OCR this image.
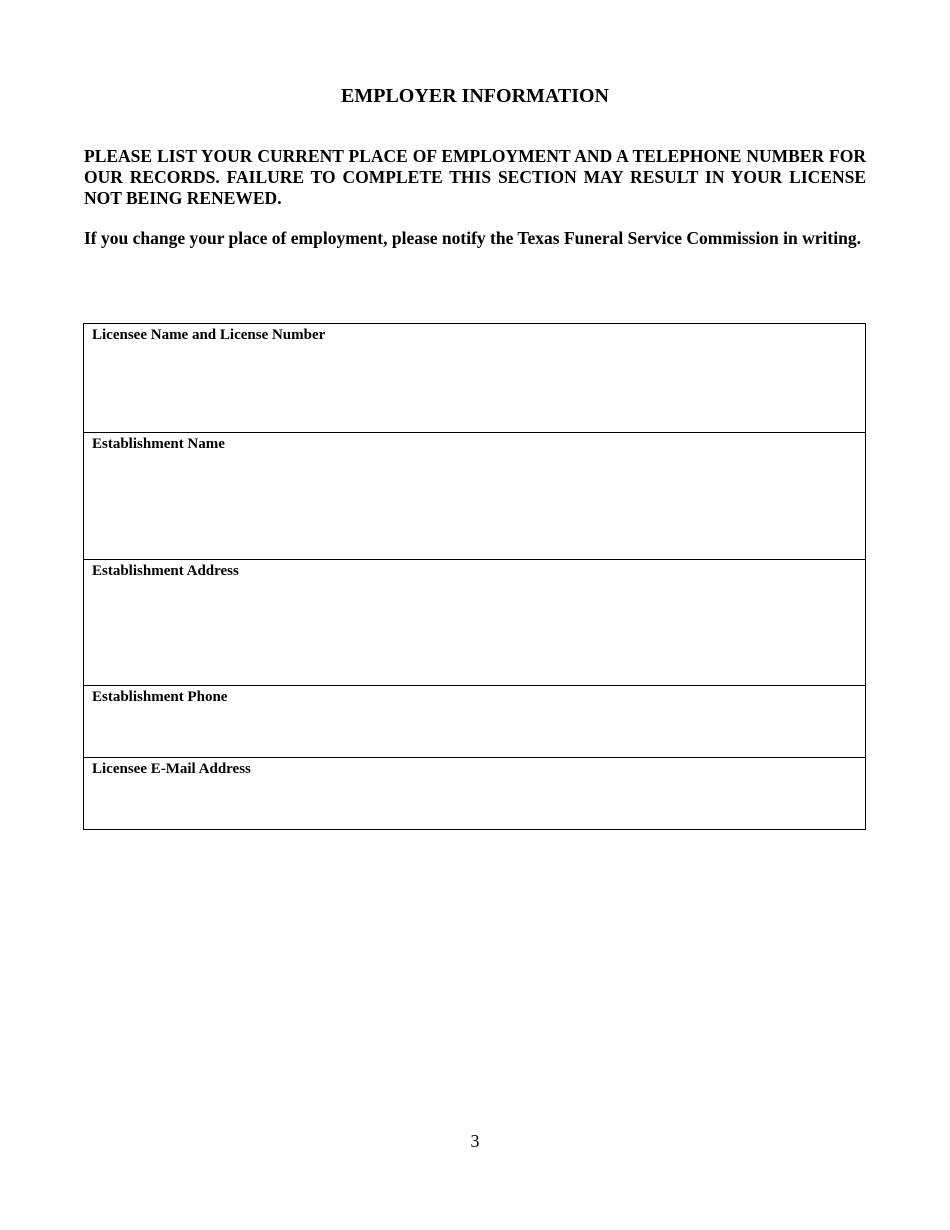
EMPLOYER INFORMATION
PLEASE LIST YOUR CURRENT PLACE OF EMPLOYMENT AND A TELEPHONE NUMBER FOR OUR RECORDS. FAILURE TO COMPLETE THIS SECTION MAY RESULT IN YOUR LICENSE NOT BEING RENEWED.
If you change your place of employment, please notify the Texas Funeral Service Commission in writing.
Licensee Name and License Number
Establishment Name
Establishment Address
Establishment Phone
Licensee E-Mail Address
3
